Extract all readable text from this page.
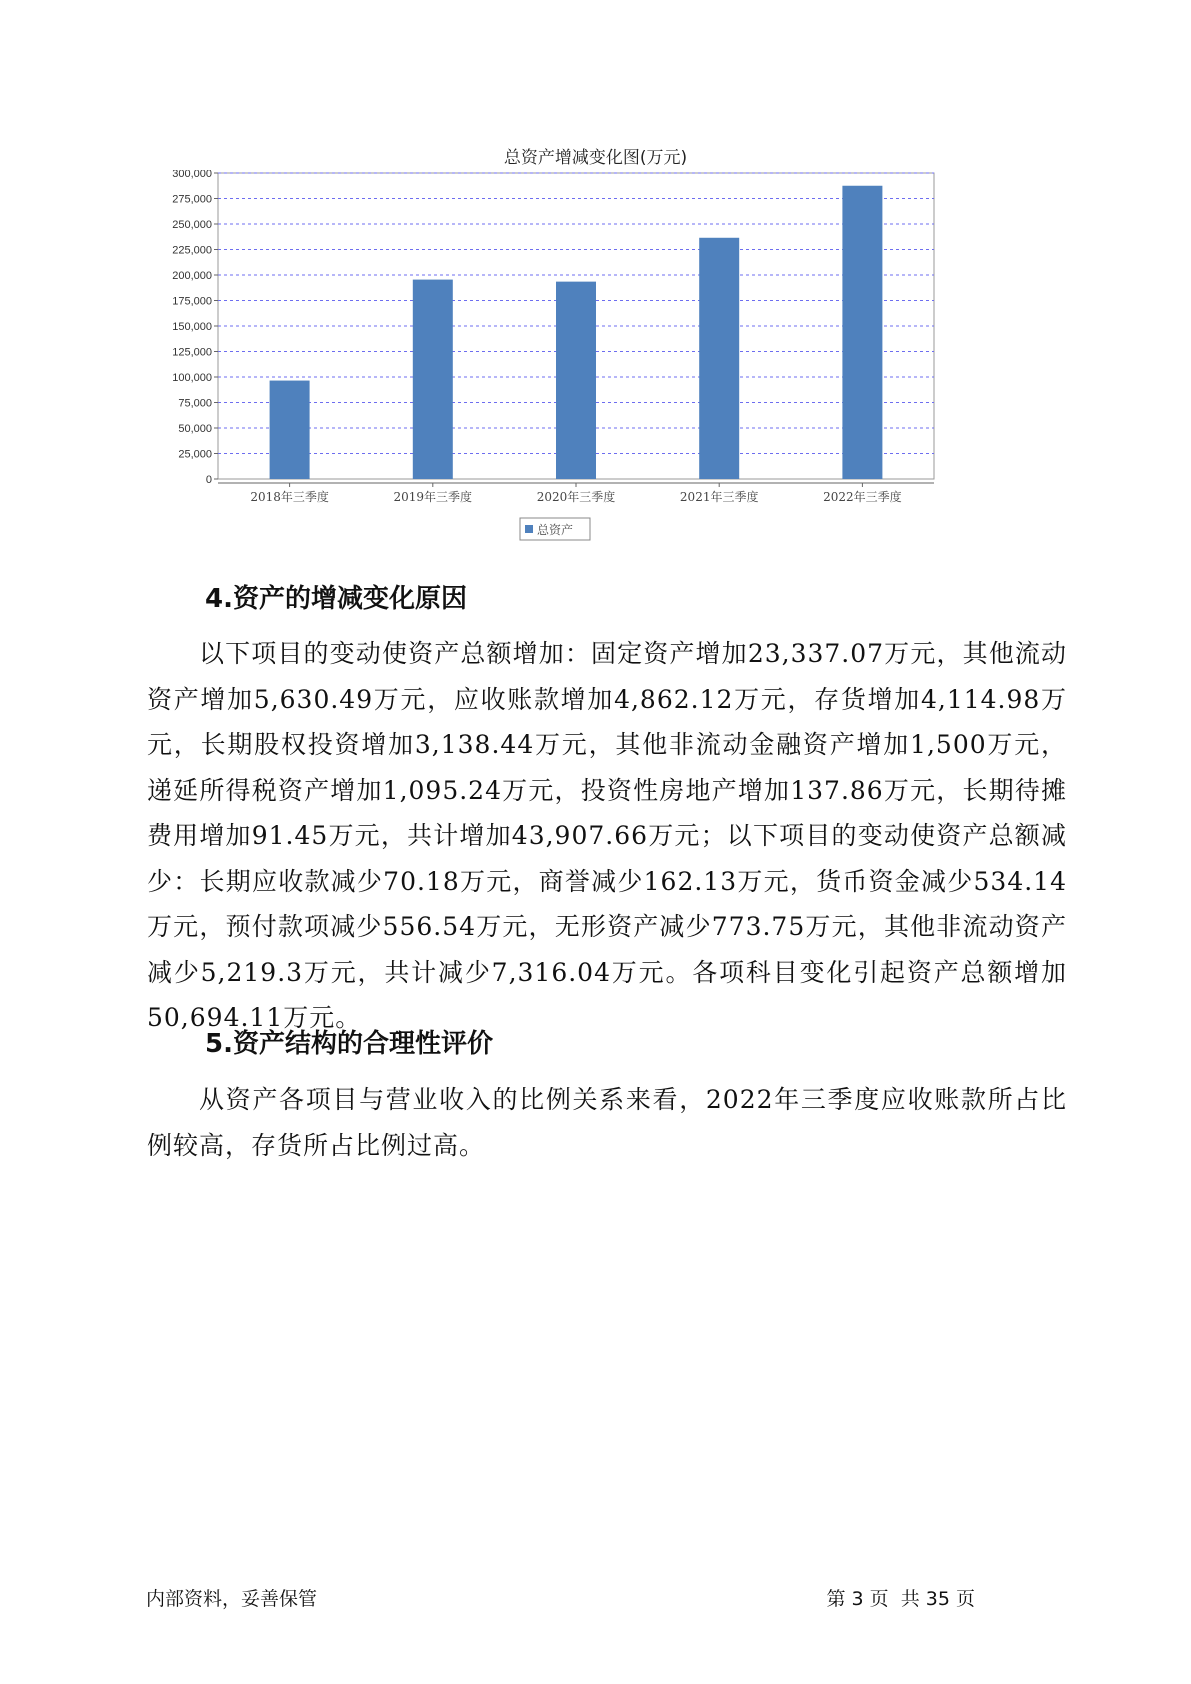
总资产增减变化图(万元)
0
25,000
50,000
75,000
100,000
125,000
150,000
175,000
200,000
225,000
250,000
275,000
300,000
2018年三季度	2019年三季度	2020年三季度	2021年三季度	2022年三季度
总资产
4.资产的增减变化原因

以下项目的变动使资产总额增加：固定资产增加23,337.07万元，其他流动资产增加5,630.49万元，应收账款增加4,862.12万元，存货增加4,114.98万元，长期股权投资增加3,138.44万元，其他非流动金融资产增加1,500万元，递延所得税资产增加1,095.24万元，投资性房地产增加137.86万元，长期待摊费用增加91.45万元，共计增加43,907.66万元；以下项目的变动使资产总额减少：长期应收款减少70.18万元，商誉减少162.13万元，货币资金减少534.14万元，预付款项减少556.54万元，无形资产减少773.75万元，其他非流动资产减少5,219.3万元，共计减少7,316.04万元。各项科目变化引起资产总额增加50,694.11万元。

5.资产结构的合理性评价

从资产各项目与营业收入的比例关系来看，2022年三季度应收账款所占比例较高，存货所占比例过高。

内部资料，妥善保管	第 3 页  共 35 页
